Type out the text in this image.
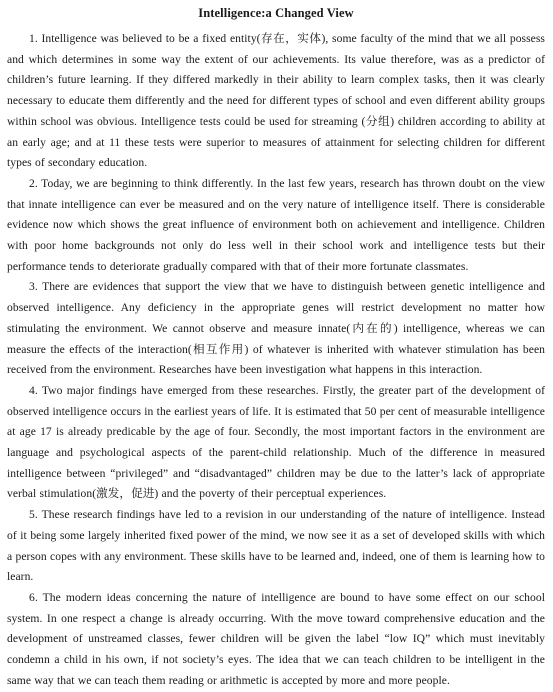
Intelligence:a Changed View

1. Intelligence was believed to be a fixed entity(存在，实体), some faculty of the mind that we all possess and which determines in some way the extent of our achievements. Its value therefore, was as a predictor of children’s future learning. If they differed markedly in their ability to learn complex tasks, then it was clearly necessary to educate them differently and the need for different types of school and even different ability groups within school was obvious. Intelligence tests could be used for streaming (分组) children according to ability at an early age; and at 11 these tests were superior to measures of attainment for selecting children for different types of secondary education.

2. Today, we are beginning to think differently. In the last few years, research has thrown doubt on the view that innate intelligence can ever be measured and on the very nature of intelligence itself. There is considerable evidence now which shows the great influence of environment both on achievement and intelligence. Children with poor home backgrounds not only do less well in their school work and intelligence tests but their performance tends to deteriorate gradually compared with that of their more fortunate classmates.

3. There are evidences that support the view that we have to distinguish between genetic intelligence and observed intelligence. Any deficiency in the appropriate genes will restrict development no matter how stimulating the environment. We cannot observe and measure innate(内在的) intelligence, whereas we can measure the effects of the interaction(相互作用) of whatever is inherited with whatever stimulation has been received from the environment. Researches have been investigation what happens in this interaction.

4. Two major findings have emerged from these researches. Firstly, the greater part of the development of observed intelligence occurs in the earliest years of life. It is estimated that 50 per cent of measurable intelligence at age 17 is already predicable by the age of four. Secondly, the most important factors in the environment are language and psychological aspects of the parent-child relationship. Much of the difference in measured intelligence between “privileged” and “disadvantaged” children may be due to the latter’s lack of appropriate verbal stimulation(激发，促进) and the poverty of their perceptual experiences.

5. These research findings have led to a revision in our understanding of the nature of intelligence. Instead of it being some largely inherited fixed power of the mind, we now see it as a set of developed skills with which a person copes with any environment. These skills have to be learned and, indeed, one of them is learning how to learn.

6. The modern ideas concerning the nature of intelligence are bound to have some effect on our school system. In one respect a change is already occurring. With the move toward comprehensive education and the development of unstreamed classes, fewer children will be given the label “low IQ” which must inevitably condemn a child in his own, if not society’s eyes. The idea that we can teach children to be intelligent in the same way that we can teach them reading or arithmetic is accepted by more and more people.
